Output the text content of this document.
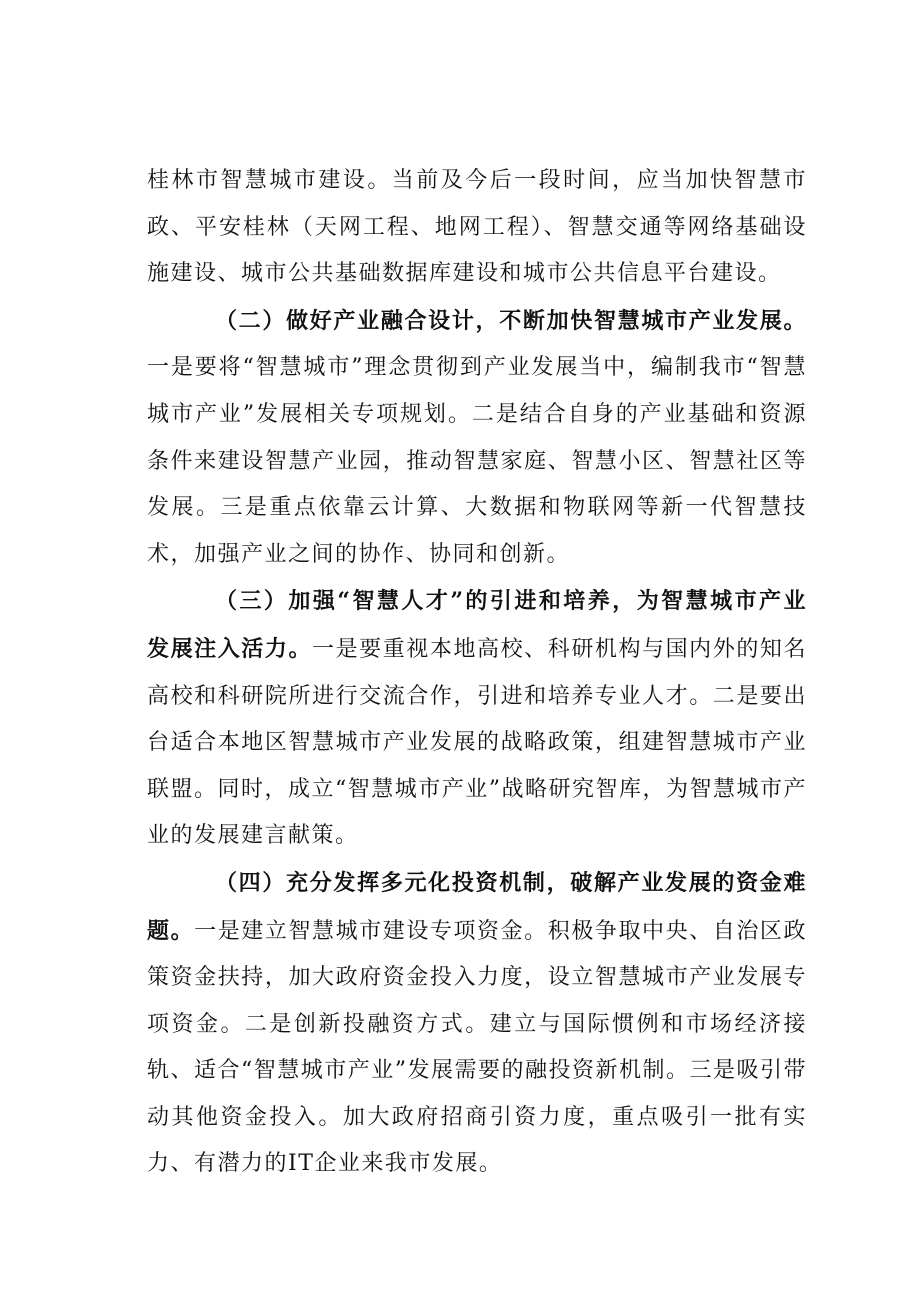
桂林市智慧城市建设。当前及今后一段时间，应当加快智慧市政、平安桂林（天网工程、地网工程）、智慧交通等网络基础设施建设、城市公共基础数据库建设和城市公共信息平台建设。

（二）做好产业融合设计，不断加快智慧城市产业发展。一是要将“智慧城市”理念贯彻到产业发展当中，编制我市“智慧城市产业”发展相关专项规划。二是结合自身的产业基础和资源条件来建设智慧产业园，推动智慧家庭、智慧小区、智慧社区等发展。三是重点依靠云计算、大数据和物联网等新一代智慧技术，加强产业之间的协作、协同和创新。

（三）加强“智慧人才”的引进和培养，为智慧城市产业发展注入活力。一是要重视本地高校、科研机构与国内外的知名高校和科研院所进行交流合作，引进和培养专业人才。二是要出台适合本地区智慧城市产业发展的战略政策，组建智慧城市产业联盟。同时，成立“智慧城市产业”战略研究智库，为智慧城市产业的发展建言献策。

（四）充分发挥多元化投资机制，破解产业发展的资金难题。一是建立智慧城市建设专项资金。积极争取中央、自治区政策资金扶持，加大政府资金投入力度，设立智慧城市产业发展专项资金。二是创新投融资方式。建立与国际惯例和市场经济接轨、适合“智慧城市产业”发展需要的融投资新机制。三是吸引带动其他资金投入。加大政府招商引资力度，重点吸引一批有实力、有潜力的IT企业来我市发展。
